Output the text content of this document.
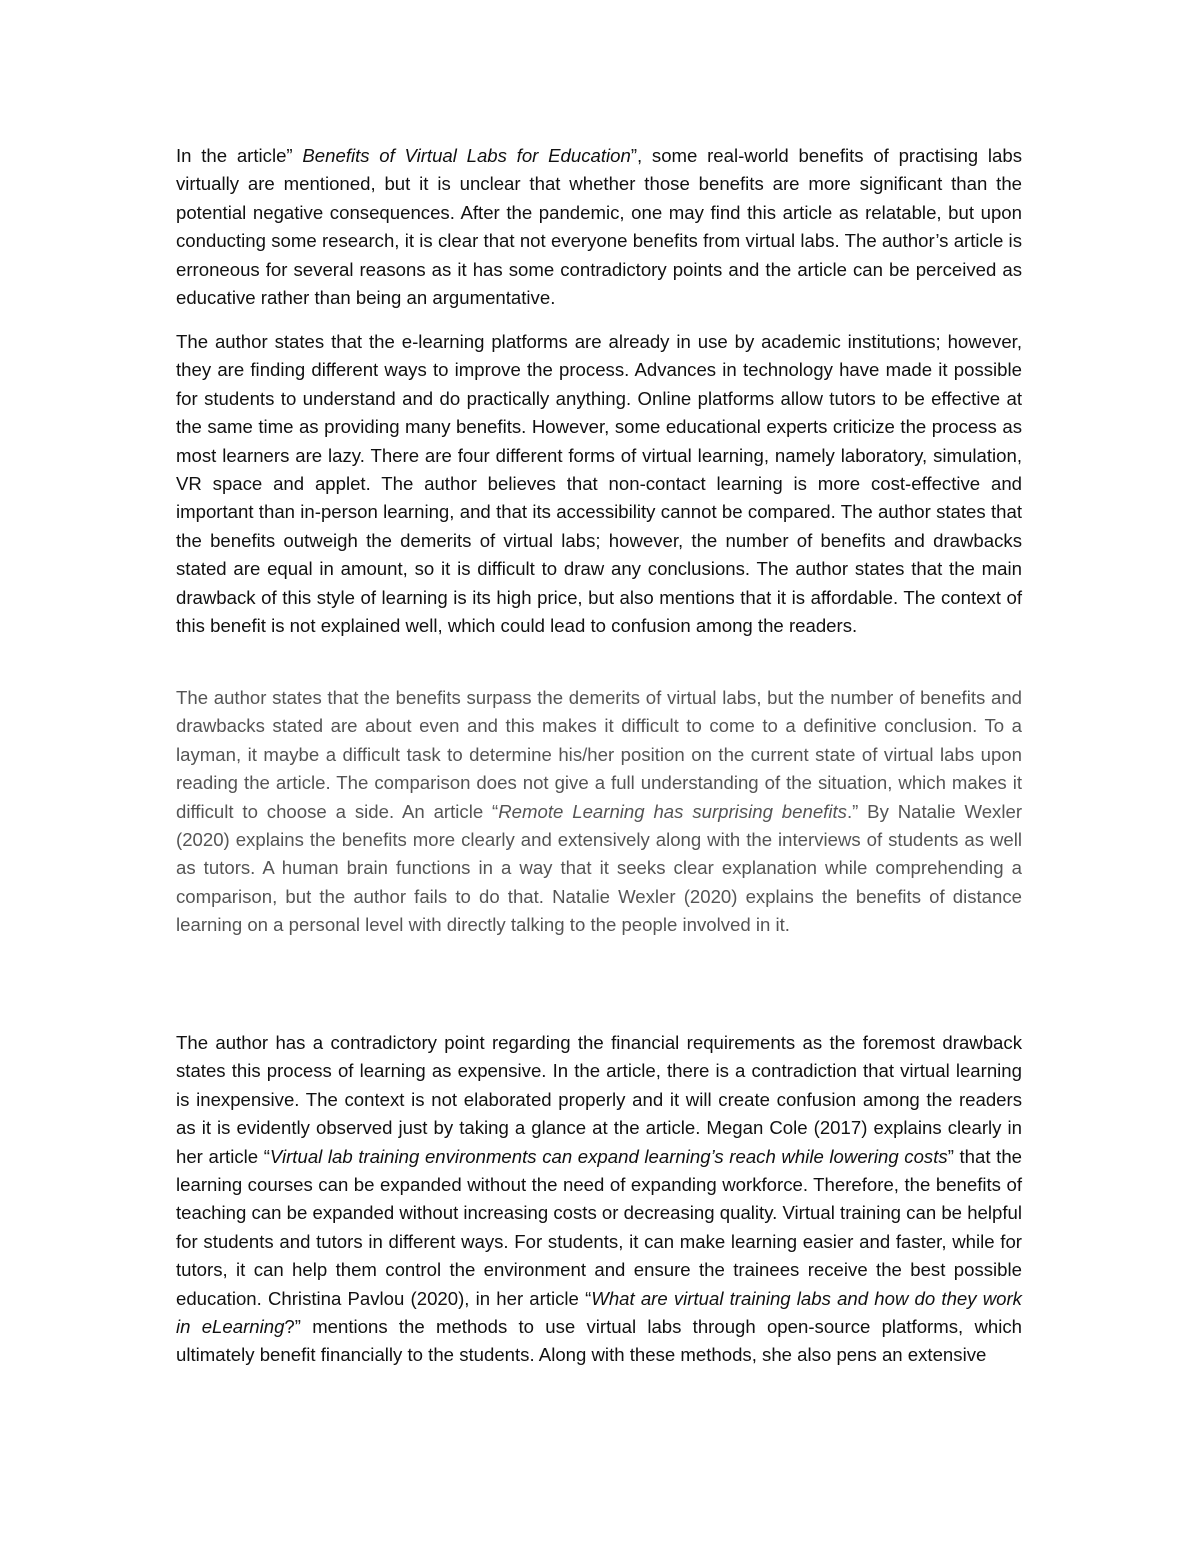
In the article” Benefits of Virtual Labs for Education”, some real-world benefits of practising labs virtually are mentioned, but it is unclear that whether those benefits are more significant than the potential negative consequences. After the pandemic, one may find this article as relatable, but upon conducting some research, it is clear that not everyone benefits from virtual labs. The author’s article is erroneous for several reasons as it has some contradictory points and the article can be perceived as educative rather than being an argumentative.

The author states that the e-learning platforms are already in use by academic institutions; however, they are finding different ways to improve the process. Advances in technology have made it possible for students to understand and do practically anything. Online platforms allow tutors to be effective at the same time as providing many benefits. However, some educational experts criticize the process as most learners are lazy. There are four different forms of virtual learning, namely laboratory, simulation, VR space and applet. The author believes that non-contact learning is more cost-effective and important than in-person learning, and that its accessibility cannot be compared. The author states that the benefits outweigh the demerits of virtual labs; however, the number of benefits and drawbacks stated are equal in amount, so it is difficult to draw any conclusions. The author states that the main drawback of this style of learning is its high price, but also mentions that it is affordable. The context of this benefit is not explained well, which could lead to confusion among the readers.

The author states that the benefits surpass the demerits of virtual labs, but the number of benefits and drawbacks stated are about even and this makes it difficult to come to a definitive conclusion. To a layman, it maybe a difficult task to determine his/her position on the current state of virtual labs upon reading the article. The comparison does not give a full understanding of the situation, which makes it difficult to choose a side. An article “Remote Learning has surprising benefits.” By Natalie Wexler (2020) explains the benefits more clearly and extensively along with the interviews of students as well as tutors. A human brain functions in a way that it seeks clear explanation while comprehending a comparison, but the author fails to do that. Natalie Wexler (2020) explains the benefits of distance learning on a personal level with directly talking to the people involved in it.

The author has a contradictory point regarding the financial requirements as the foremost drawback states this process of learning as expensive. In the article, there is a contradiction that virtual learning is inexpensive. The context is not elaborated properly and it will create confusion among the readers as it is evidently observed just by taking a glance at the article. Megan Cole (2017) explains clearly in her article “Virtual lab training environments can expand learning’s reach while lowering costs” that the learning courses can be expanded without the need of expanding workforce. Therefore, the benefits of teaching can be expanded without increasing costs or decreasing quality. Virtual training can be helpful for students and tutors in different ways. For students, it can make learning easier and faster, while for tutors, it can help them control the environment and ensure the trainees receive the best possible education. Christina Pavlou (2020), in her article “What are virtual training labs and how do they work in eLearning?” mentions the methods to use virtual labs through open-source platforms, which ultimately benefit financially to the students. Along with these methods, she also pens an extensive
